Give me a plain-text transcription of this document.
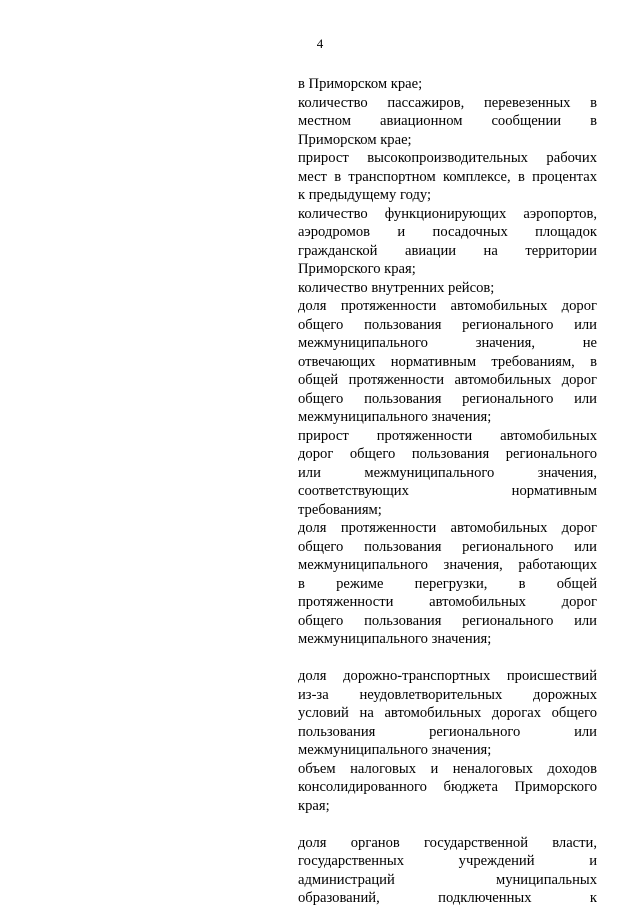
4
в Приморском крае;
количество пассажиров, перевезенных в
местном авиационном сообщении в
Приморском крае;
прирост высокопроизводительных рабочих
мест в транспортном комплексе, в процентах
к предыдущему году;
количество функционирующих аэропортов,
аэродромов и посадочных площадок
гражданской авиации на территории
Приморского края;
количество внутренних рейсов;
доля протяженности автомобильных дорог
общего пользования регионального или
межмуниципального значения, не
отвечающих нормативным требованиям, в
общей протяженности автомобильных дорог
общего пользования регионального или
межмуниципального значения;
прирост протяженности автомобильных
дорог общего пользования регионального
или межмуниципального значения,
соответствующих нормативным
требованиям;
доля протяженности автомобильных дорог
общего пользования регионального или
межмуниципального значения, работающих
в режиме перегрузки, в общей
протяженности автомобильных дорог
общего пользования регионального или
межмуниципального значения;
доля дорожно-транспортных происшествий
из-за неудовлетворительных дорожных
условий на автомобильных дорогах общего
пользования регионального или
межмуниципального значения;
объем налоговых и неналоговых доходов
консолидированного бюджета Приморского
края;
доля органов государственной власти,
государственных учреждений и
администраций муниципальных
образований, подключенных к
